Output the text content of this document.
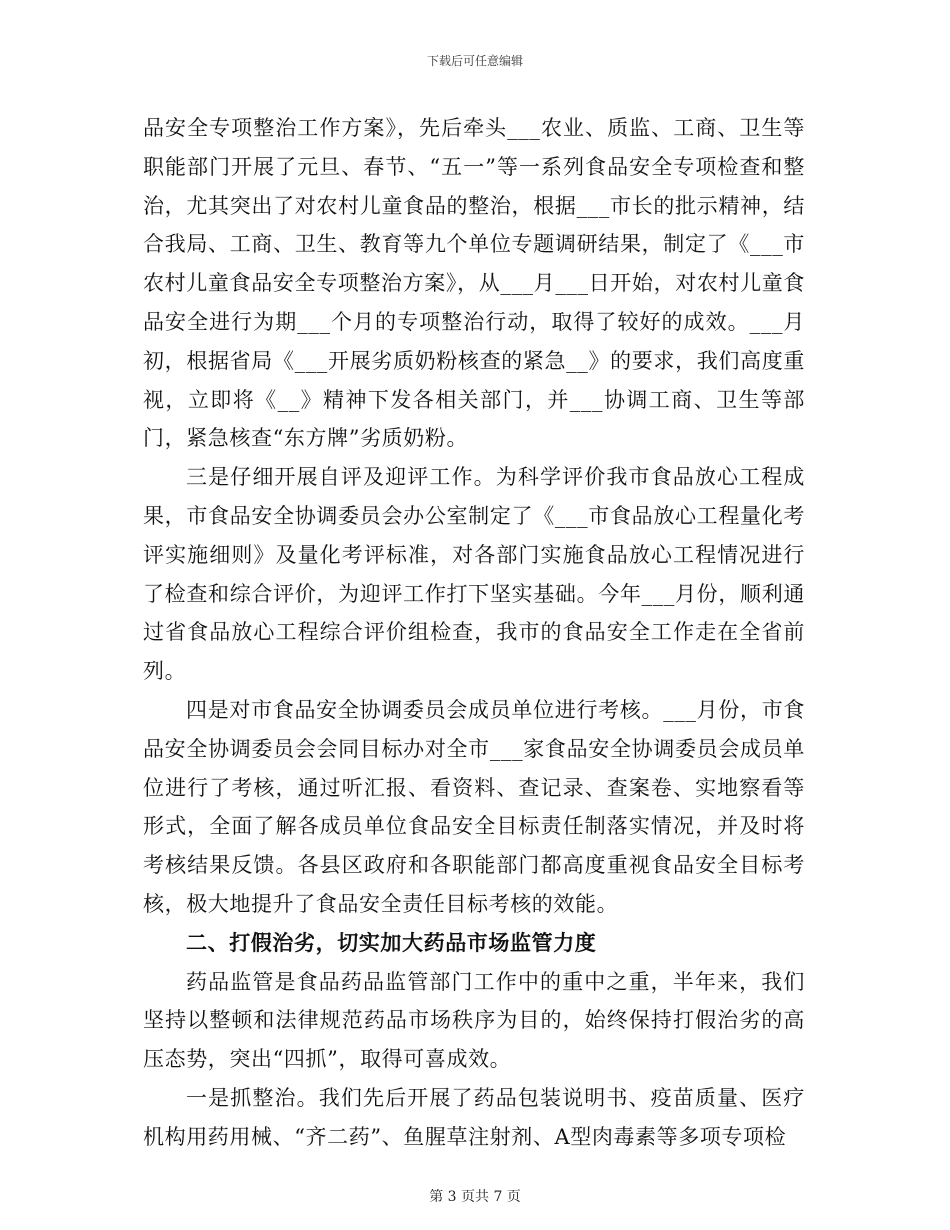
下载后可任意编辑

品安全专项整治工作方案》，先后牵头___农业、质监、工商、卫生等职能部门开展了元旦、春节、“五一”等一系列食品安全专项检查和整治，尤其突出了对农村儿童食品的整治，根据___市长的批示精神，结合我局、工商、卫生、教育等九个单位专题调研结果，制定了《___市农村儿童食品安全专项整治方案》，从___月___日开始，对农村儿童食品安全进行为期___个月的专项整治行动，取得了较好的成效。___月初，根据省局《___开展劣质奶粉核查的紧急__》的要求，我们高度重视，立即将《__》精神下发各相关部门，并___协调工商、卫生等部门，紧急核查“东方牌”劣质奶粉。

三是仔细开展自评及迎评工作。为科学评价我市食品放心工程成果，市食品安全协调委员会办公室制定了《___市食品放心工程量化考评实施细则》及量化考评标准，对各部门实施食品放心工程情况进行了检查和综合评价，为迎评工作打下坚实基础。今年___月份，顺利通过省食品放心工程综合评价组检查，我市的食品安全工作走在全省前列。

四是对市食品安全协调委员会成员单位进行考核。___月份，市食品安全协调委员会会同目标办对全市___家食品安全协调委员会成员单位进行了考核，通过听汇报、看资料、查记录、查案卷、实地察看等形式，全面了解各成员单位食品安全目标责任制落实情况，并及时将考核结果反馈。各县区政府和各职能部门都高度重视食品安全目标考核，极大地提升了食品安全责任目标考核的效能。

二、打假治劣，切实加大药品市场监管力度

药品监管是食品药品监管部门工作中的重中之重，半年来，我们坚持以整顿和法律规范药品市场秩序为目的，始终保持打假治劣的高压态势，突出“四抓”，取得可喜成效。

一是抓整治。我们先后开展了药品包装说明书、疫苗质量、医疗机构用药用械、“齐二药”、鱼腥草注射剂、A型肉毒素等多项专项检

第 3 页共 7 页
